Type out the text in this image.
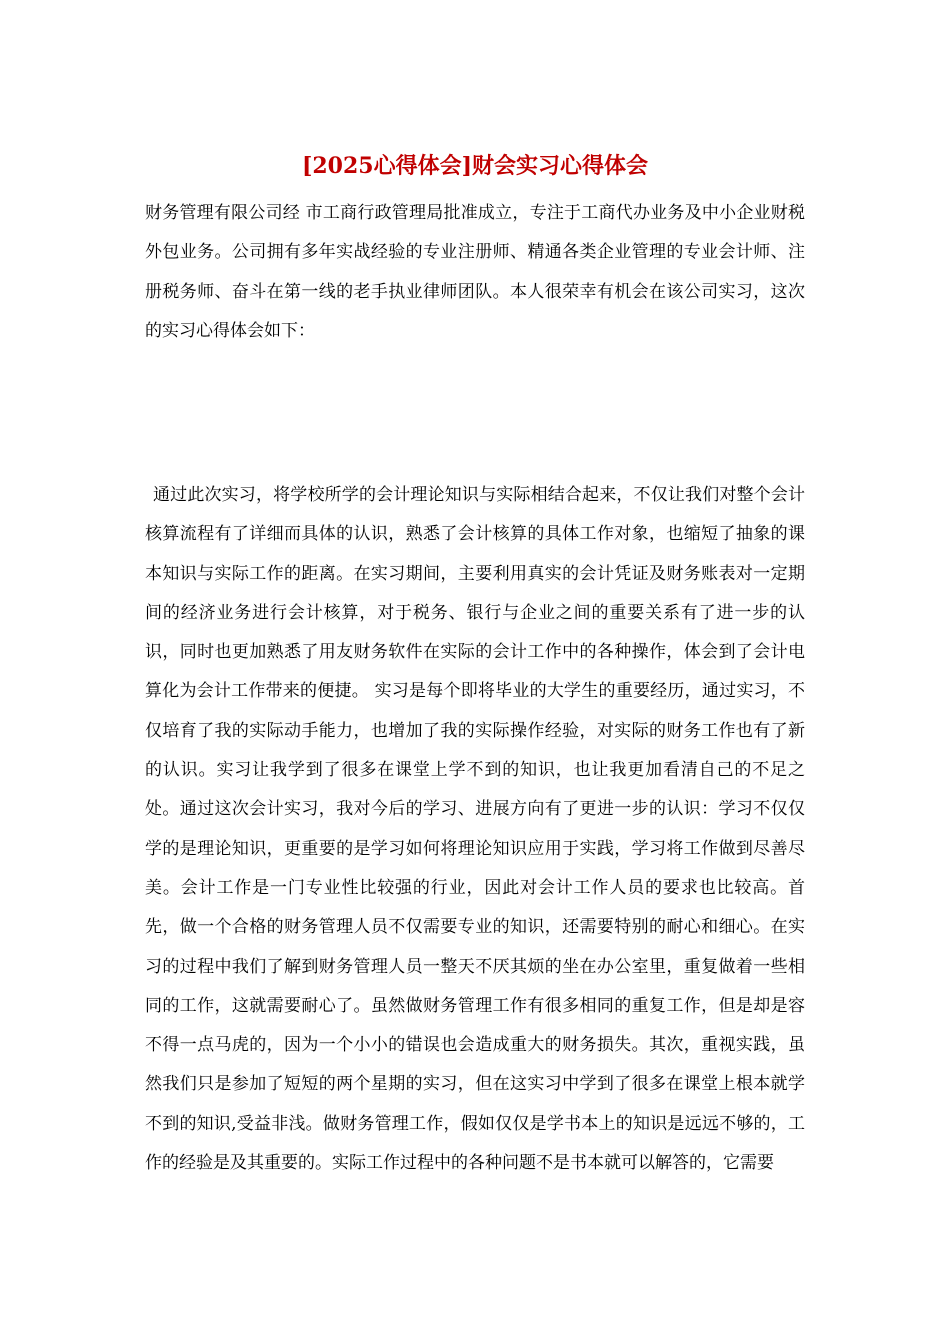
[2025心得体会]财会实习心得体会

财务管理有限公司经 市工商行政管理局批准成立，专注于工商代办业务及中小企业财税外包业务。公司拥有多年实战经验的专业注册师、精通各类企业管理的专业会计师、注册税务师、奋斗在第一线的老手执业律师团队。本人很荣幸有机会在该公司实习，这次的实习心得体会如下：

通过此次实习，将学校所学的会计理论知识与实际相结合起来，不仅让我们对整个会计核算流程有了详细而具体的认识，熟悉了会计核算的具体工作对象，也缩短了抽象的课本知识与实际工作的距离。在实习期间，主要利用真实的会计凭证及财务账表对一定期间的经济业务进行会计核算，对于税务、银行与企业之间的重要关系有了进一步的认识，同时也更加熟悉了用友财务软件在实际的会计工作中的各种操作，体会到了会计电算化为会计工作带来的便捷。 实习是每个即将毕业的大学生的重要经历，通过实习，不仅培育了我的实际动手能力，也增加了我的实际操作经验，对实际的财务工作也有了新的认识。实习让我学到了很多在课堂上学不到的知识，也让我更加看清自己的不足之处。通过这次会计实习，我对今后的学习、进展方向有了更进一步的认识：学习不仅仅学的是理论知识，更重要的是学习如何将理论知识应用于实践，学习将工作做到尽善尽美。会计工作是一门专业性比较强的行业，因此对会计工作人员的要求也比较高。首先，做一个合格的财务管理人员不仅需要专业的知识，还需要特别的耐心和细心。在实习的过程中我们了解到财务管理人员一整天不厌其烦的坐在办公室里，重复做着一些相同的工作，这就需要耐心了。虽然做财务管理工作有很多相同的重复工作，但是却是容不得一点马虎的，因为一个小小的错误也会造成重大的财务损失。其次，重视实践，虽然我们只是参加了短短的两个星期的实习，但在这实习中学到了很多在课堂上根本就学不到的知识,受益非浅。做财务管理工作，假如仅仅是学书本上的知识是远远不够的，工作的经验是及其重要的。实际工作过程中的各种问题不是书本就可以解答的，它需要
